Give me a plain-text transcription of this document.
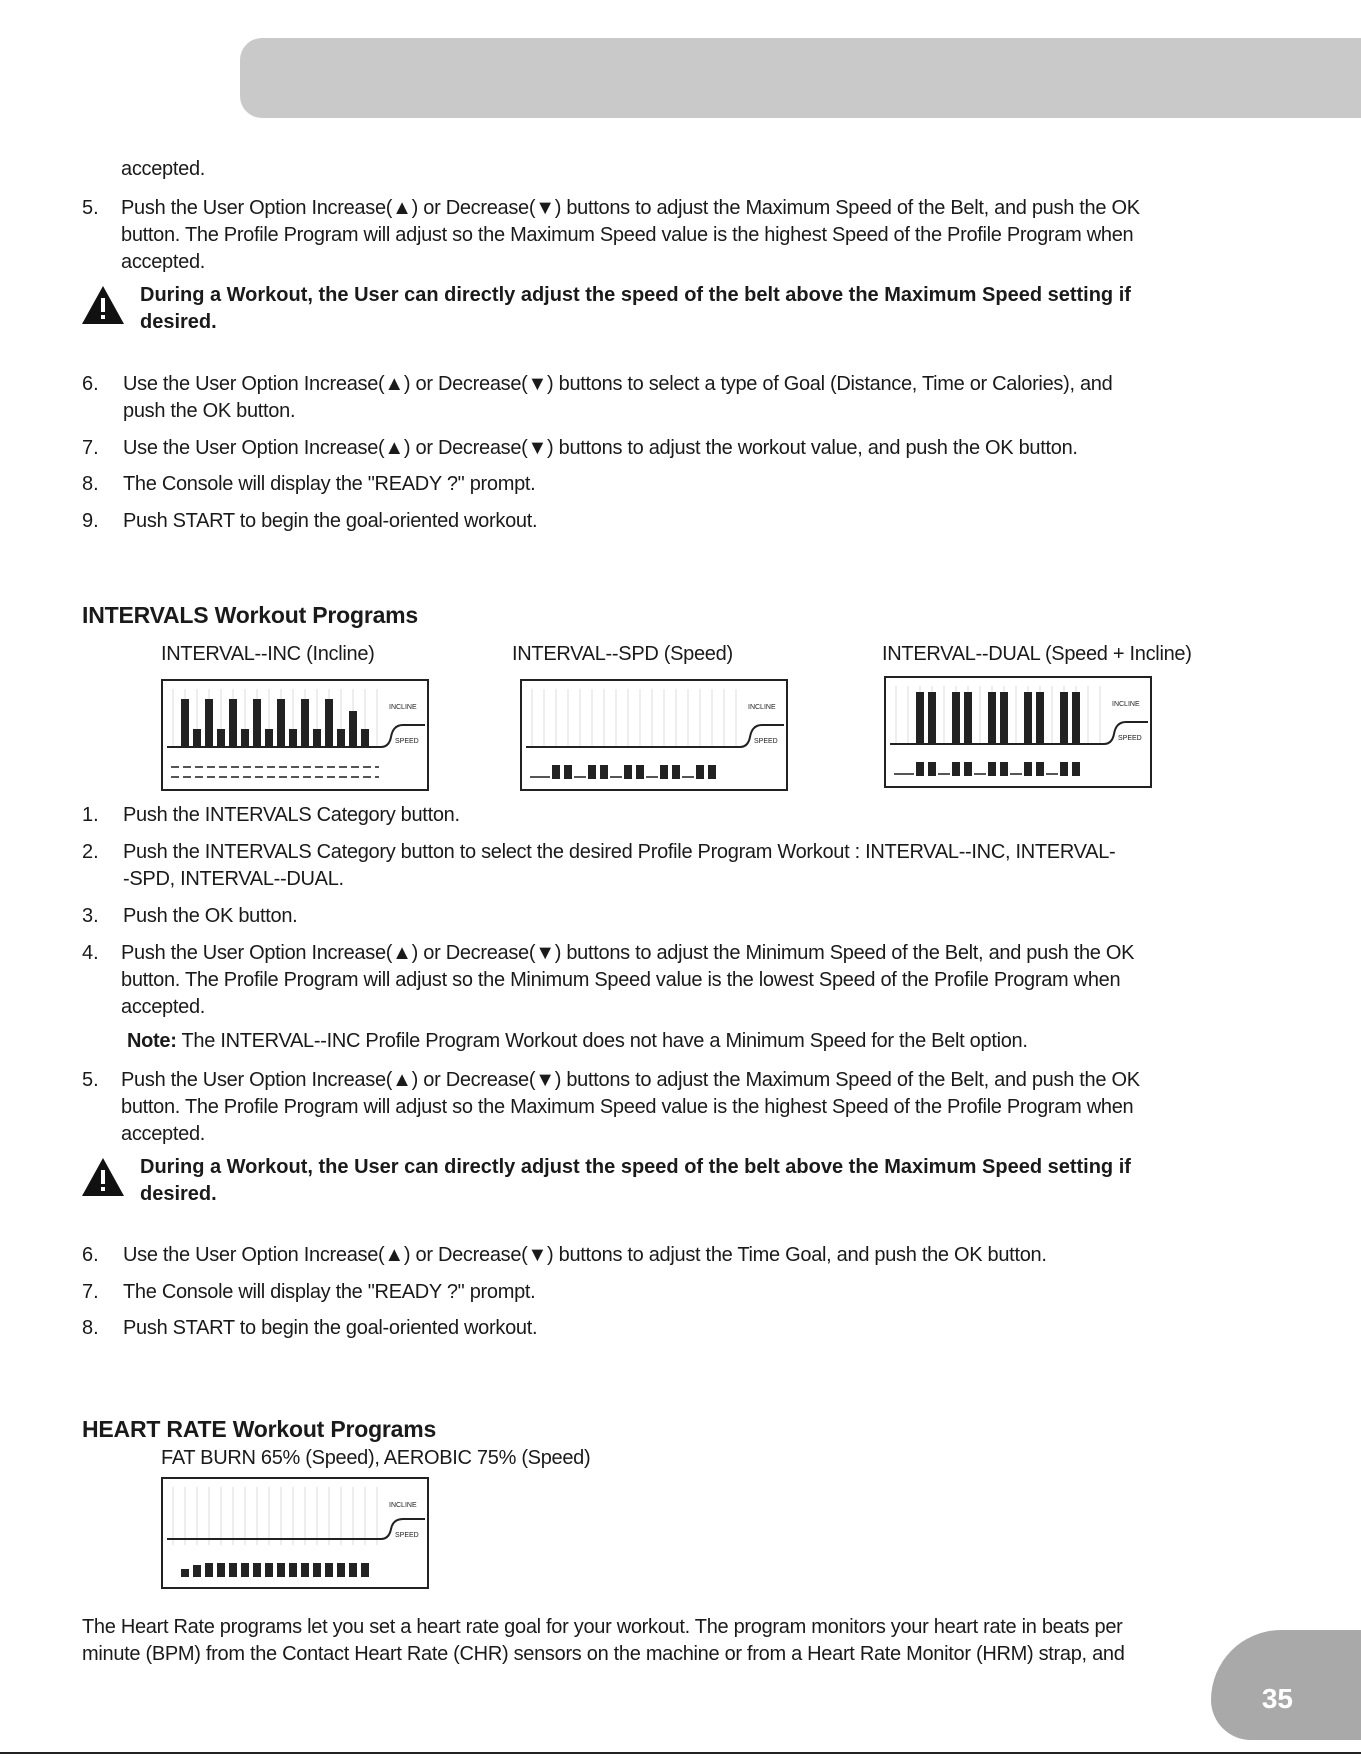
accepted.
5. Push the User Option Increase(▲) or Decrease(▼) buttons to adjust the Maximum Speed of the Belt, and push the OK
button. The Profile Program will adjust so the Maximum Speed value is the highest Speed of the Profile Program when
accepted.
During a Workout, the User can directly adjust the speed of the belt above the Maximum Speed setting if
desired.
6. Use the User Option Increase(▲) or Decrease(▼) buttons to select a type of Goal (Distance, Time or Calories), and
push the OK button.
7. Use the User Option Increase(▲) or Decrease(▼) buttons to adjust the workout value, and push the OK button.
8. The Console will display the "READY ?" prompt.
9. Push START to begin the goal-oriented workout.
INTERVALS Workout Programs
INTERVAL--INC (Incline)	INTERVAL--SPD (Speed)	INTERVAL--DUAL (Speed + Incline)
INCLINE
SPEED
INCLINE
SPEED
INCLINE
SPEED
1. Push the INTERVALS Category button.
2. Push the INTERVALS Category button to select the desired Profile Program Workout : INTERVAL--INC, INTERVAL-
-SPD, INTERVAL--DUAL.
3. Push the OK button.
4. Push the User Option Increase(▲) or Decrease(▼) buttons to adjust the Minimum Speed of the Belt, and push the OK
button. The Profile Program will adjust so the Minimum Speed value is the lowest Speed of the Profile Program when
accepted.
Note: The INTERVAL--INC Profile Program Workout does not have a Minimum Speed for the Belt option.
5. Push the User Option Increase(▲) or Decrease(▼) buttons to adjust the Maximum Speed of the Belt, and push the OK
button. The Profile Program will adjust so the Maximum Speed value is the highest Speed of the Profile Program when
accepted.
During a Workout, the User can directly adjust the speed of the belt above the Maximum Speed setting if
desired.
6. Use the User Option Increase(▲) or Decrease(▼) buttons to adjust the Time Goal, and push the OK button.
7. The Console will display the "READY ?" prompt.
8. Push START to begin the goal-oriented workout.
HEART RATE Workout Programs
FAT BURN 65% (Speed), AEROBIC 75% (Speed)
INCLINE
SPEED
The Heart Rate programs let you set a heart rate goal for your workout. The program monitors your heart rate in beats per
minute (BPM) from the Contact Heart Rate (CHR) sensors on the machine or from a Heart Rate Monitor (HRM) strap, and
35
